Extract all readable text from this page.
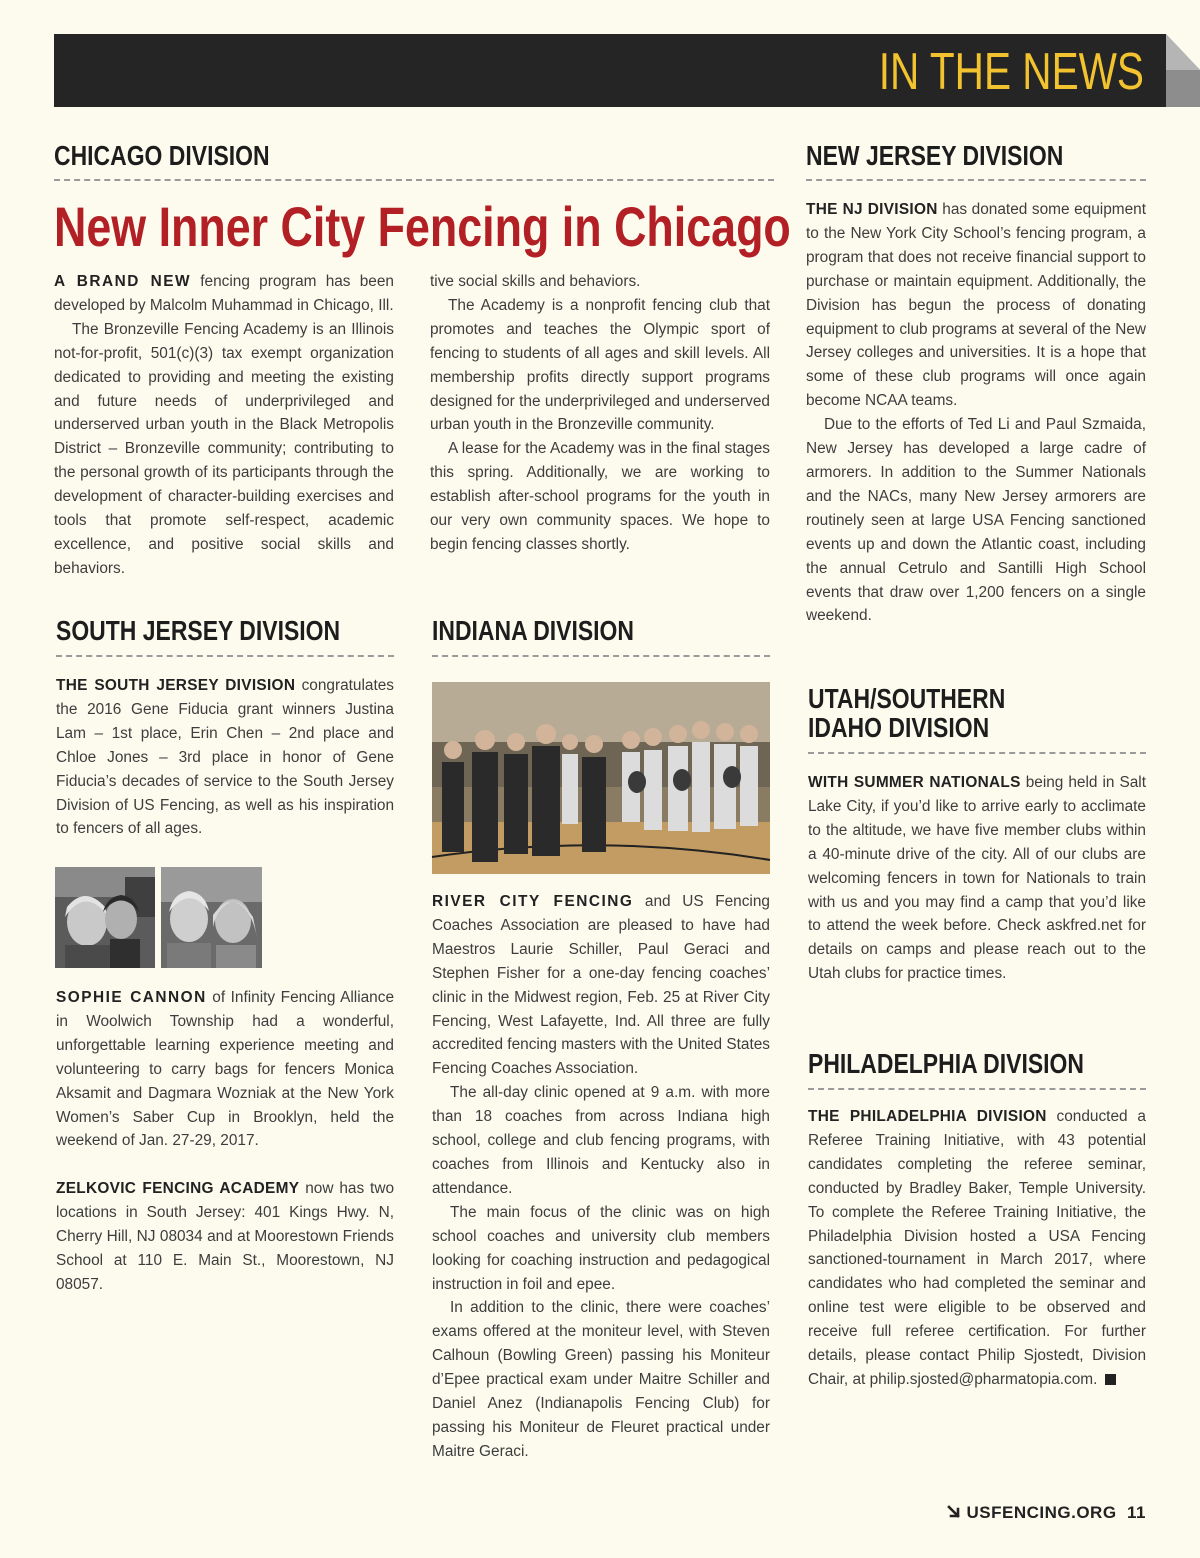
IN THE NEWS
CHICAGO DIVISION
New Inner City Fencing in Chicago

A BRAND NEW fencing program has been developed by Malcolm Muhammad in Chicago, Ill.

The Bronzeville Fencing Academy is an Illinois not-for-profit, 501(c)(3) tax exempt organization dedicated to providing and meeting the existing and future needs of underprivileged and underserved urban youth in the Black Metropolis District – Bronzeville community; contributing to the personal growth of its participants through the development of character-building exercises and tools that promote self-respect, academic excellence, and positive social skills and behaviors.

tive social skills and behaviors.

The Academy is a nonprofit fencing club that promotes and teaches the Olympic sport of fencing to students of all ages and skill levels. All membership profits directly support programs designed for the underprivileged and underserved urban youth in the Bronzeville community.

A lease for the Academy was in the final stages this spring. Additionally, we are working to establish after-school programs for the youth in our very own community spaces. We hope to begin fencing classes shortly.

SOUTH JERSEY DIVISION

THE SOUTH JERSEY DIVISION congratulates the 2016 Gene Fiducia grant winners Justina Lam – 1st place, Erin Chen – 2nd place and Chloe Jones – 3rd place in honor of Gene Fiducia’s decades of service to the South Jersey Division of US Fencing, as well as his inspiration to fencers of all ages.

SOPHIE CANNON of Infinity Fencing Alliance in Woolwich Township had a wonderful, unforgettable learning experience meeting and volunteering to carry bags for fencers Monica Aksamit and Dagmara Wozniak at the New York Women’s Saber Cup in Brooklyn, held the weekend of Jan. 27-29, 2017.

ZELKOVIC FENCING ACADEMY now has two locations in South Jersey: 401 Kings Hwy. N, Cherry Hill, NJ 08034 and at Moorestown Friends School at 110 E. Main St., Moorestown, NJ 08057.

INDIANA DIVISION

RIVER CITY FENCING and US Fencing Coaches Association are pleased to have had Maestros Laurie Schiller, Paul Geraci and Stephen Fisher for a one-day fencing coaches’ clinic in the Midwest region, Feb. 25 at River City Fencing, West Lafayette, Ind. All three are fully accredited fencing masters with the United States Fencing Coaches Association.

The all-day clinic opened at 9 a.m. with more than 18 coaches from across Indiana high school, college and club fencing programs, with coaches from Illinois and Kentucky also in attendance.

The main focus of the clinic was on high school coaches and university club members looking for coaching instruction and pedagogical instruction in foil and epee.

In addition to the clinic, there were coaches’ exams offered at the moniteur level, with Steven Calhoun (Bowling Green) passing his Moniteur d’Epee practical exam under Maitre Schiller and Daniel Anez (Indianapolis Fencing Club) for passing his Moniteur de Fleuret practical under Maitre Geraci.

NEW JERSEY DIVISION

THE NJ DIVISION has donated some equipment to the New York City School’s fencing program, a program that does not receive financial support to purchase or maintain equipment. Additionally, the Division has begun the process of donating equipment to club programs at several of the New Jersey colleges and universities. It is a hope that some of these club programs will once again become NCAA teams.

Due to the efforts of Ted Li and Paul Szmaida, New Jersey has developed a large cadre of armorers. In addition to the Summer Nationals and the NACs, many New Jersey armorers are routinely seen at large USA Fencing sanctioned events up and down the Atlantic coast, including the annual Cetrulo and Santilli High School events that draw over 1,200 fencers on a single weekend.

UTAH/SOUTHERN
IDAHO DIVISION

WITH SUMMER NATIONALS being held in Salt Lake City, if you’d like to arrive early to acclimate to the altitude, we have five member clubs within a 40-minute drive of the city. All of our clubs are welcoming fencers in town for Nationals to train with us and you may find a camp that you’d like to attend the week before. Check askfred.net for details on camps and please reach out to the Utah clubs for practice times.

PHILADELPHIA DIVISION

THE PHILADELPHIA DIVISION conducted a Referee Training Initiative, with 43 potential candidates completing the referee seminar, conducted by Bradley Baker, Temple University. To complete the Referee Training Initiative, the Philadelphia Division hosted a USA Fencing sanctioned-tournament in March 2017, where candidates who had completed the seminar and online test were eligible to be observed and receive full referee certification. For further details, please contact Philip Sjostedt, Division Chair, at philip.sjosted@pharmatopia.com.

USFENCING.ORG 11
